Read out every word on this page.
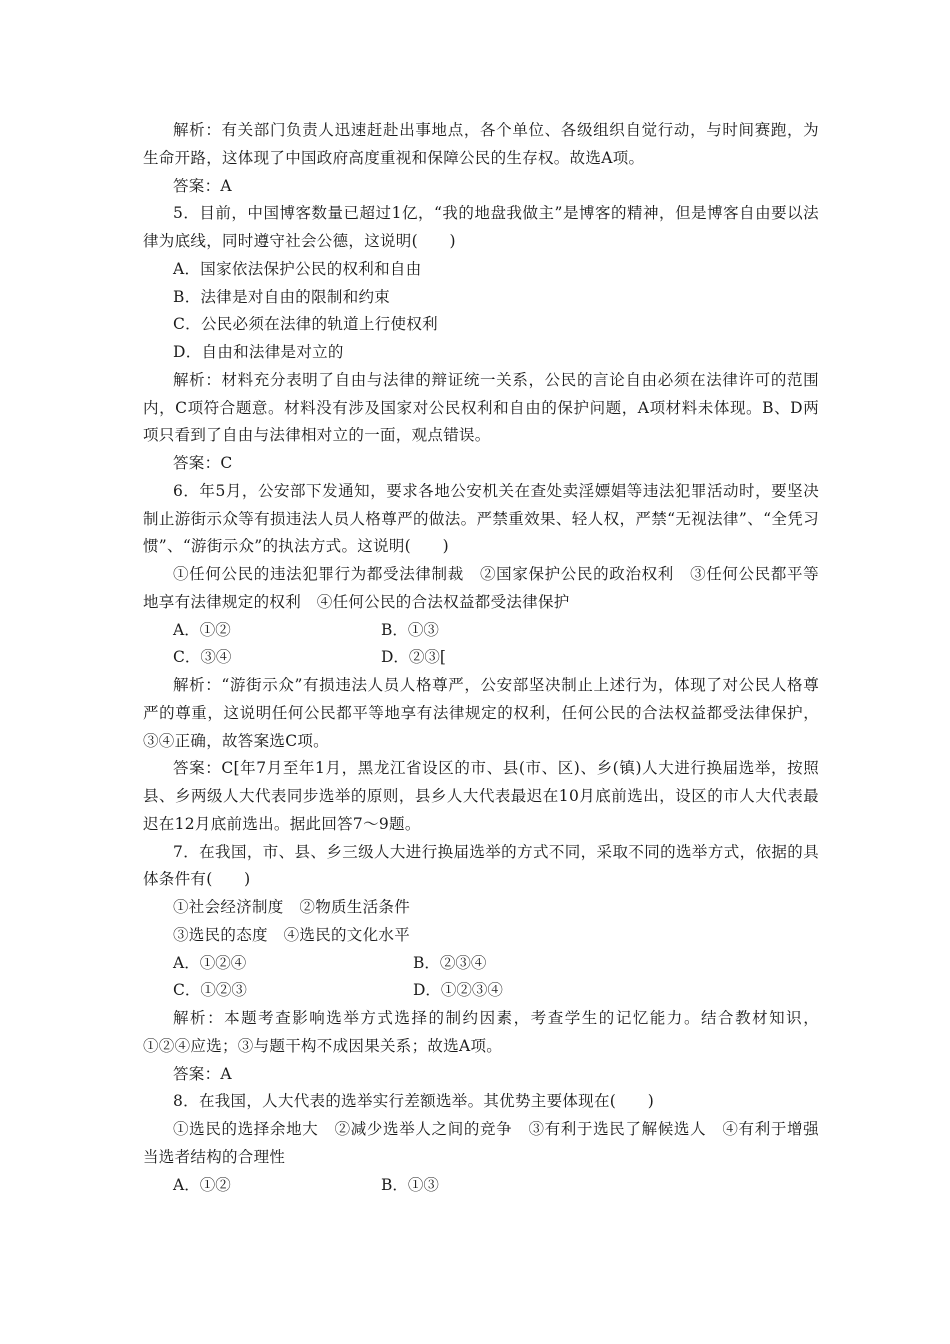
解析：有关部门负责人迅速赶赴出事地点，各个单位、各级组织自觉行动，与时间赛跑，为生命开路，这体现了中国政府高度重视和保障公民的生存权。故选A项。

答案：A

5．目前，中国博客数量已超过1亿，“我的地盘我做主”是博客的精神，但是博客自由要以法律为底线，同时遵守社会公德，这说明(　　)

A．国家依法保护公民的权利和自由

B．法律是对自由的限制和约束

C．公民必须在法律的轨道上行使权利

D．自由和法律是对立的

解析：材料充分表明了自由与法律的辩证统一关系，公民的言论自由必须在法律许可的范围内，C项符合题意。材料没有涉及国家对公民权利和自由的保护问题，A项材料未体现。B、D两项只看到了自由与法律相对立的一面，观点错误。

答案：C

6．年5月，公安部下发通知，要求各地公安机关在查处卖淫嫖娼等违法犯罪活动时，要坚决制止游街示众等有损违法人员人格尊严的做法。严禁重效果、轻人权，严禁“无视法律”、“全凭习惯”、“游街示众”的执法方式。这说明(　　)

①任何公民的违法犯罪行为都受法律制裁　②国家保护公民的政治权利　③任何公民都平等地享有法律规定的权利　④任何公民的合法权益都受法律保护

A．①②	B．①③
C．③④	D．②③[

解析：“游街示众”有损违法人员人格尊严，公安部坚决制止上述行为，体现了对公民人格尊严的尊重，这说明任何公民都平等地享有法律规定的权利，任何公民的合法权益都受法律保护，③④正确，故答案选C项。

答案：C[年7月至年1月，黑龙江省设区的市、县(市、区)、乡(镇)人大进行换届选举，按照县、乡两级人大代表同步选举的原则，县乡人大代表最迟在10月底前选出，设区的市人大代表最迟在12月底前选出。据此回答7～9题。

7．在我国，市、县、乡三级人大进行换届选举的方式不同，采取不同的选举方式，依据的具体条件有(　　)

①社会经济制度　②物质生活条件

③选民的态度　④选民的文化水平

A．①②④	B．②③④
C．①②③	D．①②③④

解析：本题考查影响选举方式选择的制约因素，考查学生的记忆能力。结合教材知识，①②④应选；③与题干构不成因果关系；故选A项。

答案：A

8．在我国，人大代表的选举实行差额选举。其优势主要体现在(　　)

①选民的选择余地大　②减少选举人之间的竞争　③有利于选民了解候选人　④有利于增强当选者结构的合理性

A．①②	B．①③
